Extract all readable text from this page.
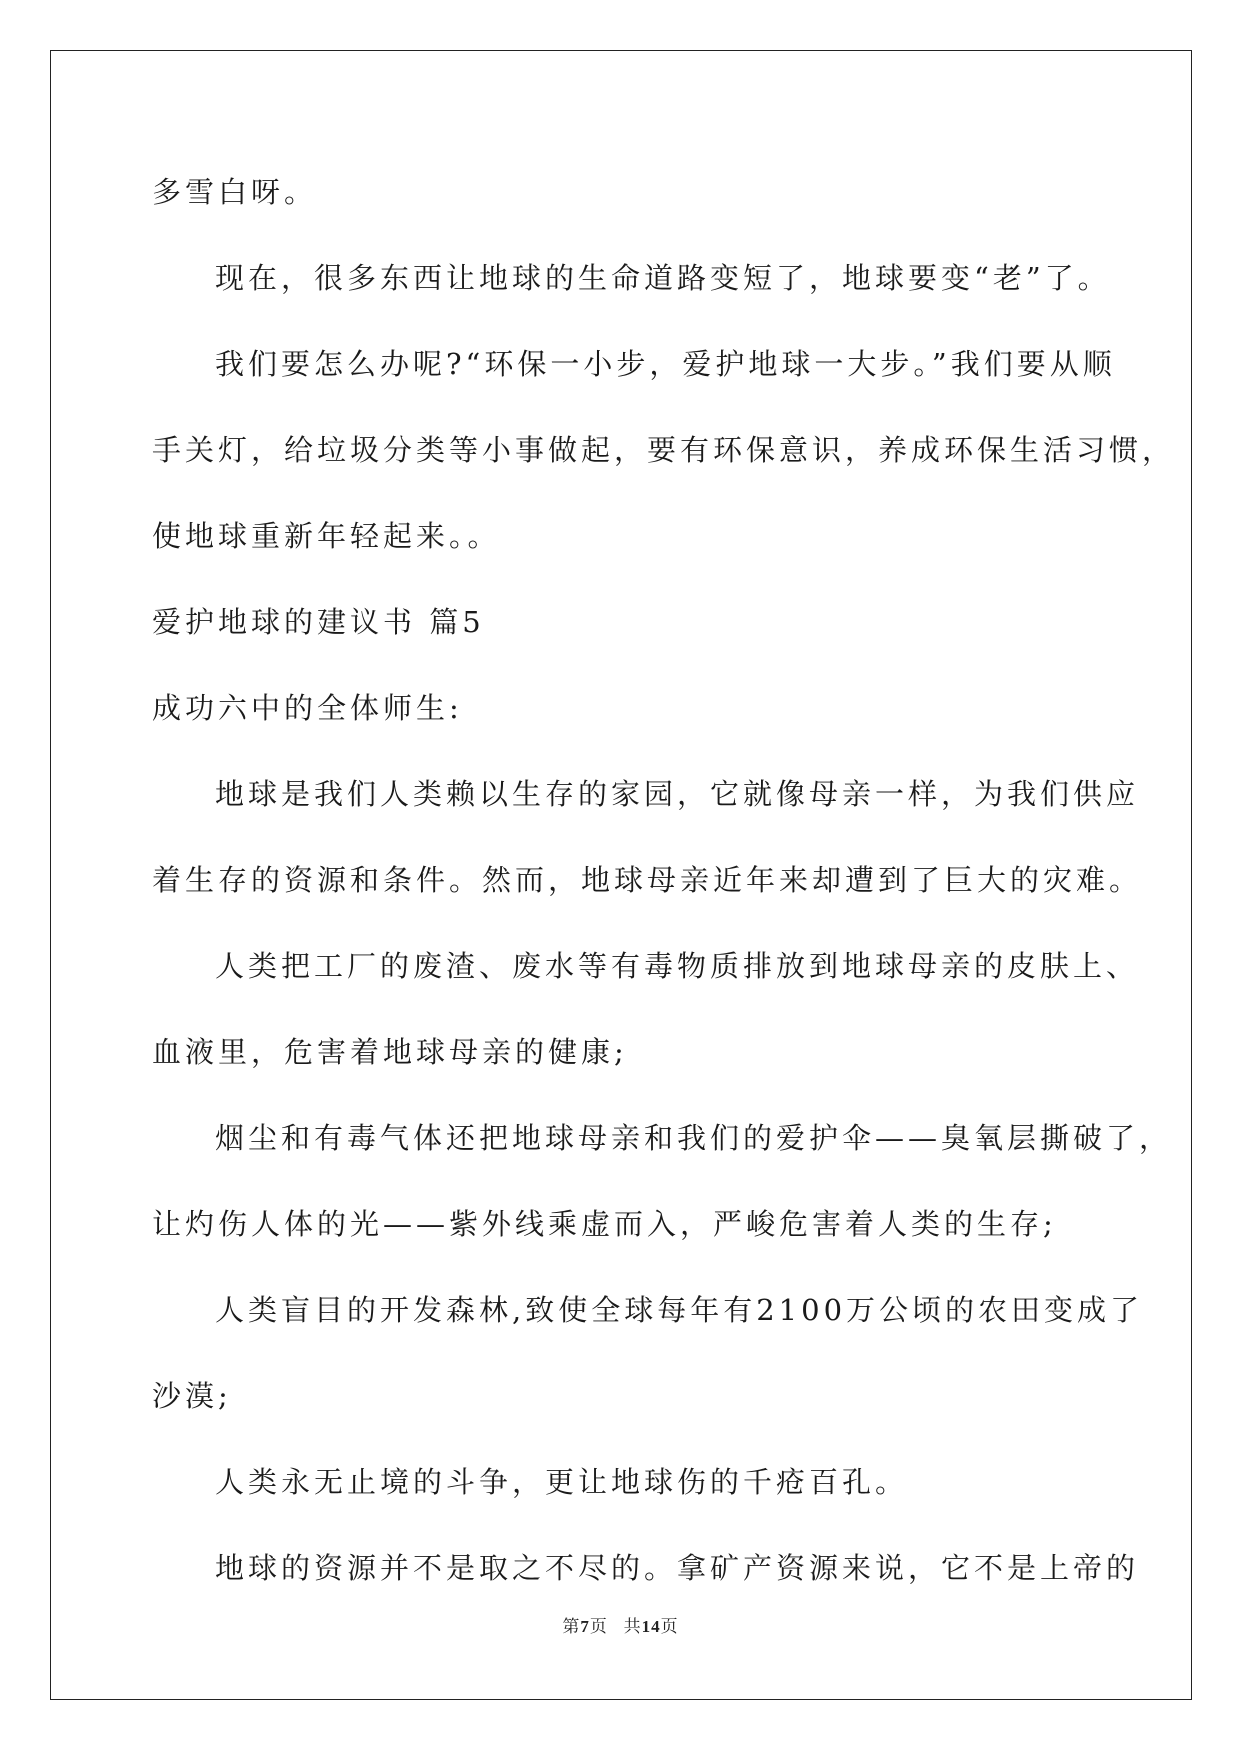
多雪白呀。
现在，很多东西让地球的生命道路变短了，地球要变“老”了。
我们要怎么办呢?“环保一小步，爱护地球一大步。”我们要从顺
手关灯，给垃圾分类等小事做起，要有环保意识，养成环保生活习惯，
使地球重新年轻起来。。
爱护地球的建议书 篇5
成功六中的全体师生:
地球是我们人类赖以生存的家园，它就像母亲一样，为我们供应
着生存的资源和条件。然而，地球母亲近年来却遭到了巨大的灾难。
人类把工厂的废渣、废水等有毒物质排放到地球母亲的皮肤上、
血液里，危害着地球母亲的健康;
烟尘和有毒气体还把地球母亲和我们的爱护伞——臭氧层撕破了，
让灼伤人体的光——紫外线乘虚而入，严峻危害着人类的生存;
人类盲目的开发森林,致使全球每年有2100万公顷的农田变成了
沙漠;
人类永无止境的斗争，更让地球伤的千疮百孔。
地球的资源并不是取之不尽的。拿矿产资源来说，它不是上帝的
第7页 共14页
